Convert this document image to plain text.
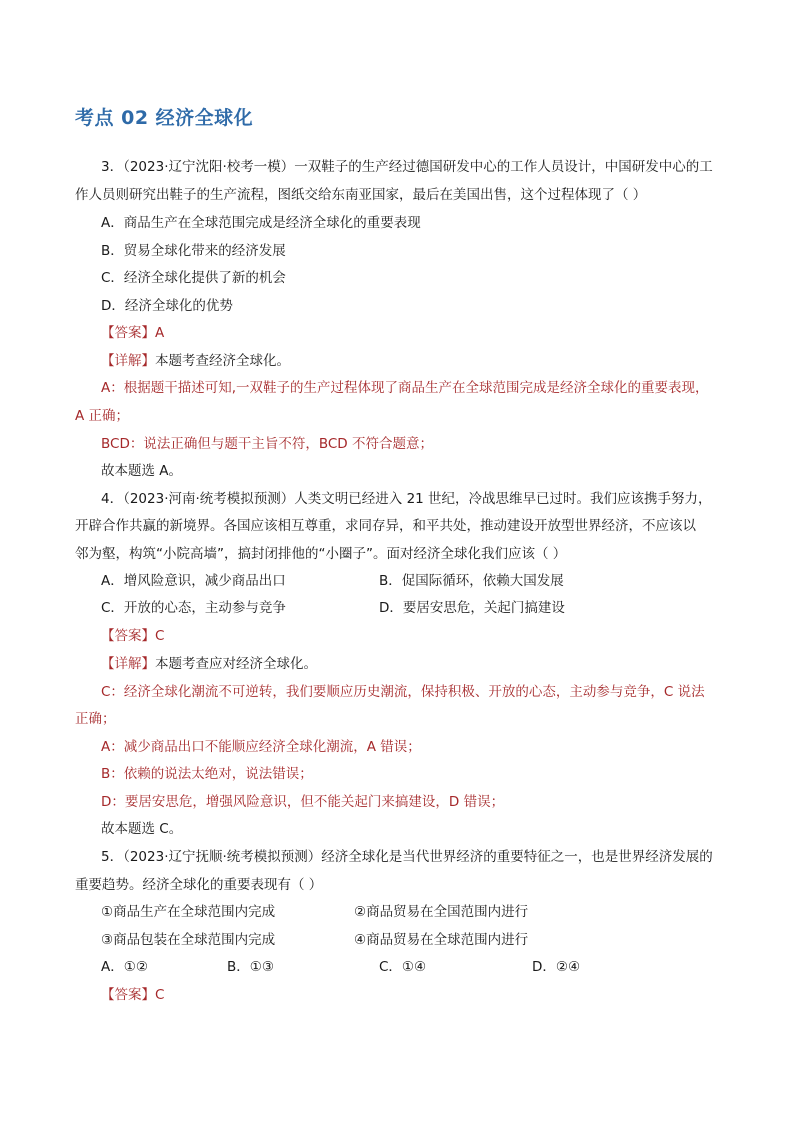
考点 02 经济全球化
3．（2023·辽宁沈阳·校考一模）一双鞋子的生产经过德国研发中心的工作人员设计，中国研发中心的工
作人员则研究出鞋子的生产流程，图纸交给东南亚国家，最后在美国出售，这个过程体现了（ ）
A．商品生产在全球范围完成是经济全球化的重要表现
B．贸易全球化带来的经济发展
C．经济全球化提供了新的机会
D．经济全球化的优势
【答案】A
【详解】本题考查经济全球化。
A：根据题干描述可知,一双鞋子的生产过程体现了商品生产在全球范围完成是经济全球化的重要表现，
A 正确；
BCD：说法正确但与题干主旨不符，BCD 不符合题意；
故本题选 A。
4．（2023·河南·统考模拟预测）人类文明已经进入 21 世纪，冷战思维早已过时。我们应该携手努力，
开辟合作共赢的新境界。各国应该相互尊重，求同存异，和平共处，推动建设开放型世界经济，不应该以
邻为壑，构筑“小院高墙”，搞封闭排他的“小圈子”。面对经济全球化我们应该（ ）
A．增风险意识，减少商品出口	B．促国际循环，依赖大国发展
C．开放的心态，主动参与竞争	D．要居安思危，关起门搞建设
【答案】C
【详解】本题考查应对经济全球化。
C：经济全球化潮流不可逆转，我们要顺应历史潮流，保持积极、开放的心态，主动参与竞争，C 说法
正确；
A：减少商品出口不能顺应经济全球化潮流，A 错误；
B：依赖的说法太绝对，说法错误；
D：要居安思危，增强风险意识，但不能关起门来搞建设，D 错误；
故本题选 C。
5．（2023·辽宁抚顺·统考模拟预测）经济全球化是当代世界经济的重要特征之一，也是世界经济发展的
重要趋势。经济全球化的重要表现有（ ）
①商品生产在全球范围内完成	②商品贸易在全国范围内进行
③商品包装在全球范围内完成	④商品贸易在全球范围内进行
A．①②	B．①③	C．①④	D．②④
【答案】C
